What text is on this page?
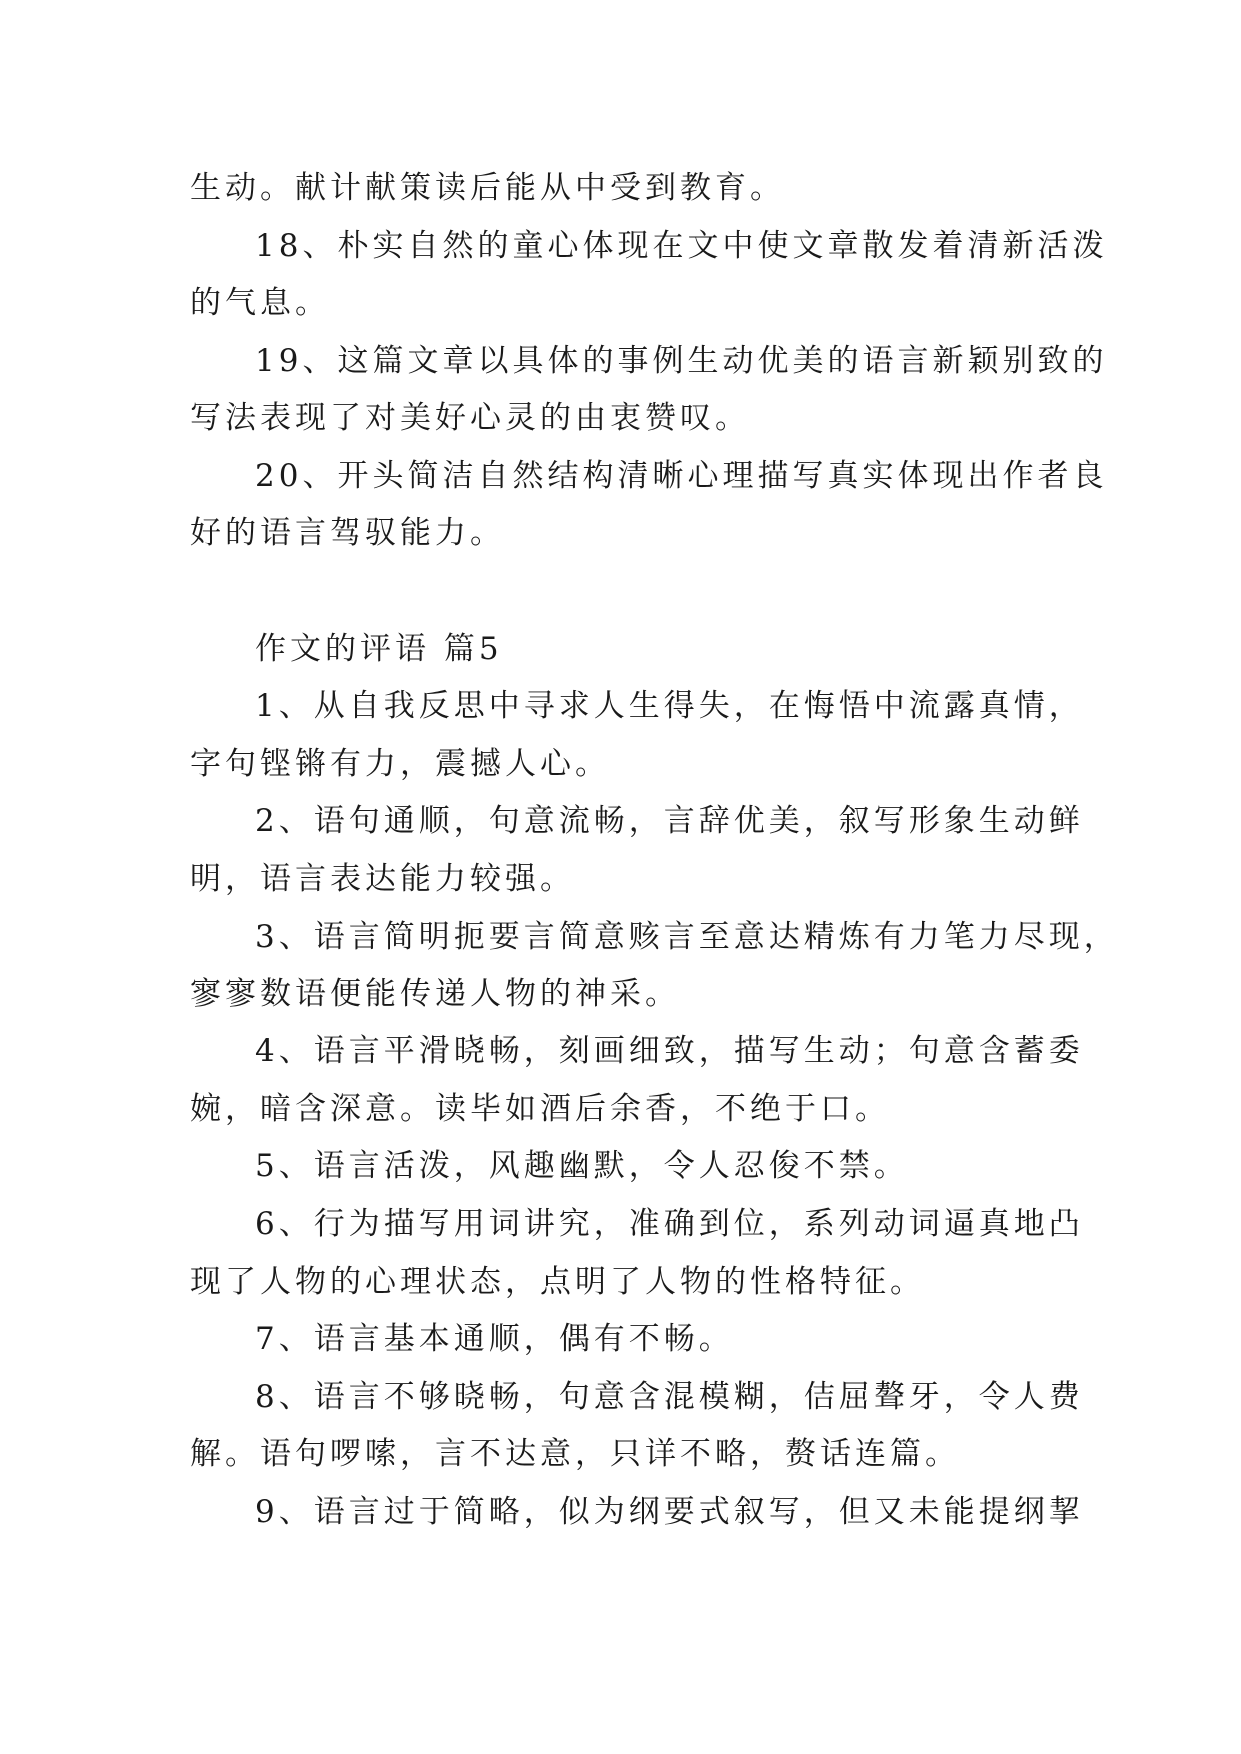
生动。献计献策读后能从中受到教育。
18、朴实自然的童心体现在文中使文章散发着清新活泼
的气息。
19、这篇文章以具体的事例生动优美的语言新颖别致的
写法表现了对美好心灵的由衷赞叹。
20、开头简洁自然结构清晰心理描写真实体现出作者良
好的语言驾驭能力。
作文的评语 篇5
1、从自我反思中寻求人生得失，在悔悟中流露真情，
字句铿锵有力，震撼人心。
2、语句通顺，句意流畅，言辞优美，叙写形象生动鲜
明，语言表达能力较强。
3、语言简明扼要言简意赅言至意达精炼有力笔力尽现，
寥寥数语便能传递人物的神采。
4、语言平滑晓畅，刻画细致，描写生动；句意含蓄委
婉，暗含深意。读毕如酒后余香，不绝于口。
5、语言活泼，风趣幽默，令人忍俊不禁。
6、行为描写用词讲究，准确到位，系列动词逼真地凸
现了人物的心理状态，点明了人物的性格特征。
7、语言基本通顺，偶有不畅。
8、语言不够晓畅，句意含混模糊，佶屈聱牙，令人费
解。语句啰嗦，言不达意，只详不略，赘话连篇。
9、语言过于简略，似为纲要式叙写，但又未能提纲挈
